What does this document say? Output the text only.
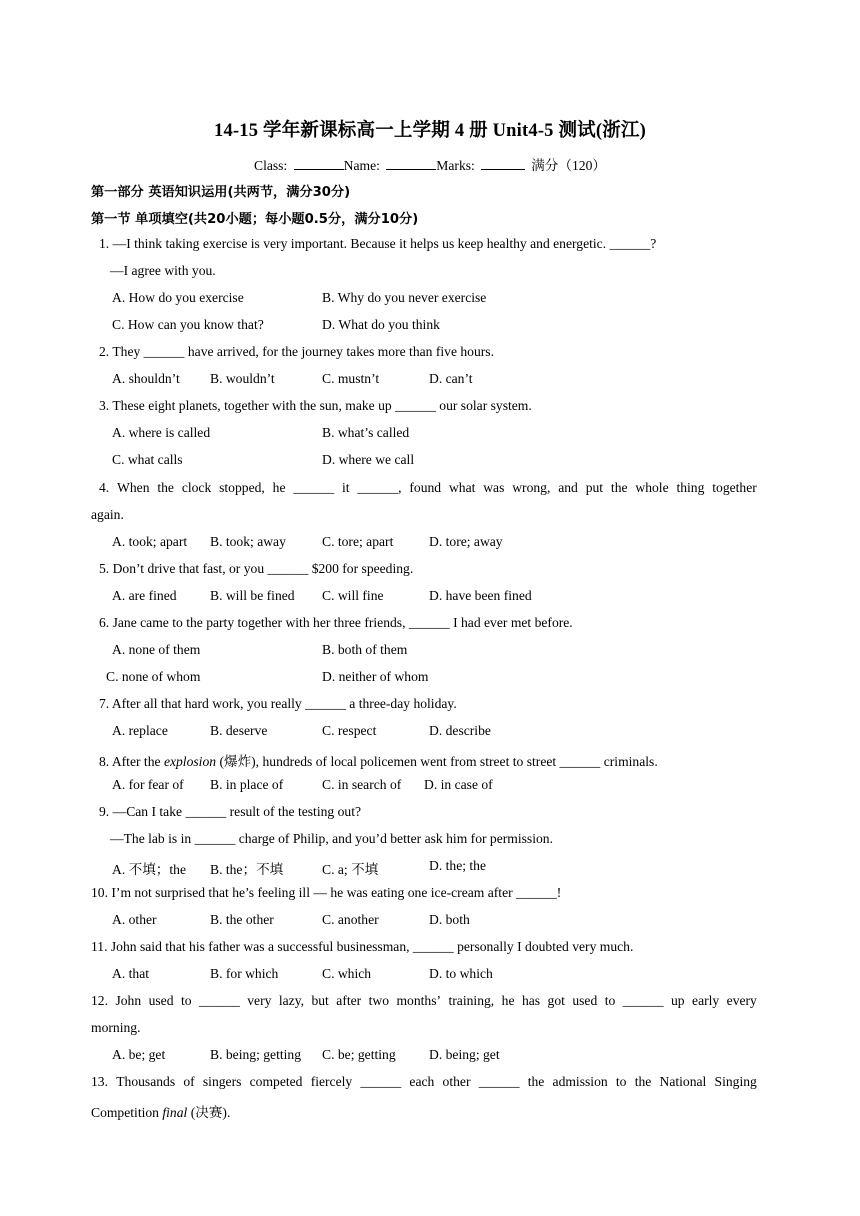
14-15 学年新课标高一上学期 4 册 Unit4-5 测试(浙江)
Class:	Name:	Marks:	满分（120）
第一部分 英语知识运用(共两节，满分30分)
第一节 单项填空(共20小题；每小题0.5分，满分10分)
1. —I think taking exercise is very important. Because it helps us keep healthy and energetic. ______?
—I agree with you.
A. How do you exercise	B. Why do you never exercise
C. How can you know that?	D. What do you think
2. They ______ have arrived, for the journey takes more than five hours.
A. shouldn’t B. wouldn’t	C. mustn’t	D. can’t
3. These eight planets, together with the sun, make up ______ our solar system.
A. where is called	B. what’s called
C. what calls	D. where we call
4. When the clock stopped, he ______ it ______, found what was wrong, and put the whole thing together
again.
A. took; apart B. took; away	C. tore; apart	D. tore; away
5. Don’t drive that fast, or you ______ $200 for speeding.
A. are fined B. will be fined C. will fine	D. have been fined
6. Jane came to the party together with her three friends, ______ I had ever met before.
A. none of them	B. both of them
C. none of whom	D. neither of whom
7. After all that hard work, you really ______ a three-day holiday.
A. replace	B. deserve	C. respect	D. describe
8. After the explosion (爆炸), hundreds of local policemen went from street to street ______ criminals.
A. for fear of B. in place of	C. in search of D. in case of
9. —Can I take ______ result of the testing out?
—The lab is in ______ charge of Philip, and you’d better ask him for permission.
A. 不填；the B. the；不填	C. a; 不填	D. the; the
10. I’m not surprised that he’s feeling ill — he was eating one ice-cream after ______!
A. other	B. the other	C. another	D. both
11. John said that his father was a successful businessman, ______ personally I doubted very much.
A. that	B. for which	C. which	D. to which
12. John used to ______ very lazy, but after two months’ training, he has got used to ______ up early every
morning.
A. be; get	B. being; getting C. be; getting D. being; get
13. Thousands of singers competed fiercely ______ each other ______ the admission to the National Singing
Competition final (决赛).
